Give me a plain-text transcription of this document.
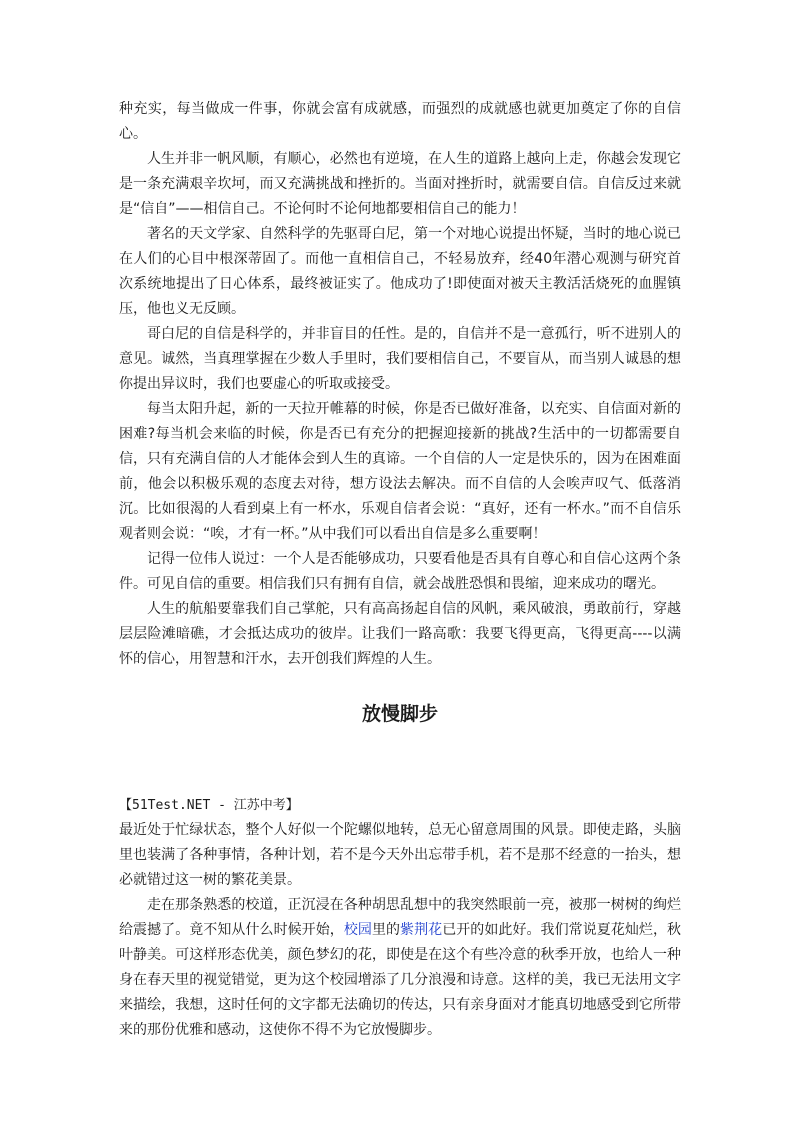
种充实，每当做成一件事，你就会富有成就感，而强烈的成就感也就更加奠定了你的自信心。

人生并非一帆风顺，有顺心，必然也有逆境，在人生的道路上越向上走，你越会发现它是一条充满艰辛坎坷，而又充满挑战和挫折的。当面对挫折时，就需要自信。自信反过来就是“信自”——相信自己。不论何时不论何地都要相信自己的能力！

著名的天文学家、自然科学的先驱哥白尼，第一个对地心说提出怀疑，当时的地心说已在人们的心目中根深蒂固了。而他一直相信自己，不轻易放弃，经40年潜心观测与研究首次系统地提出了日心体系，最终被证实了。他成功了!即使面对被天主教活活烧死的血腥镇压，他也义无反顾。

哥白尼的自信是科学的，并非盲目的任性。是的，自信并不是一意孤行，听不进别人的意见。诚然，当真理掌握在少数人手里时，我们要相信自己，不要盲从，而当别人诚恳的想你提出异议时，我们也要虚心的听取或接受。

每当太阳升起，新的一天拉开帷幕的时候，你是否已做好准备，以充实、自信面对新的困难?每当机会来临的时候，你是否已有充分的把握迎接新的挑战?生活中的一切都需要自信，只有充满自信的人才能体会到人生的真谛。一个自信的人一定是快乐的，因为在困难面前，他会以积极乐观的态度去对待，想方设法去解决。而不自信的人会唉声叹气、低落消沉。比如很渴的人看到桌上有一杯水，乐观自信者会说：“真好，还有一杯水。”而不自信乐观者则会说：“唉，才有一杯。”从中我们可以看出自信是多么重要啊！

记得一位伟人说过：一个人是否能够成功，只要看他是否具有自尊心和自信心这两个条件。可见自信的重要。相信我们只有拥有自信，就会战胜恐惧和畏缩，迎来成功的曙光。

人生的航船要靠我们自己掌舵，只有高高扬起自信的风帆，乘风破浪，勇敢前行，穿越层层险滩暗礁，才会抵达成功的彼岸。让我们一路高歌：我要飞得更高，飞得更高----以满怀的信心，用智慧和汗水，去开创我们辉煌的人生。

放慢脚步

【51Test.NET - 江苏中考】

最近处于忙绿状态，整个人好似一个陀螺似地转，总无心留意周围的风景。即使走路，头脑里也装满了各种事情，各种计划，若不是今天外出忘带手机，若不是那不经意的一抬头，想必就错过这一树的繁花美景。

走在那条熟悉的校道，正沉浸在各种胡思乱想中的我突然眼前一亮，被那一树树的绚烂给震撼了。竟不知从什么时候开始，校园里的紫荆花已开的如此好。我们常说夏花灿烂，秋叶静美。可这样形态优美，颜色梦幻的花，即使是在这个有些冷意的秋季开放，也给人一种身在春天里的视觉错觉，更为这个校园增添了几分浪漫和诗意。这样的美，我已无法用文字来描绘，我想，这时任何的文字都无法确切的传达，只有亲身面对才能真切地感受到它所带来的那份优雅和感动，这使你不得不为它放慢脚步。
